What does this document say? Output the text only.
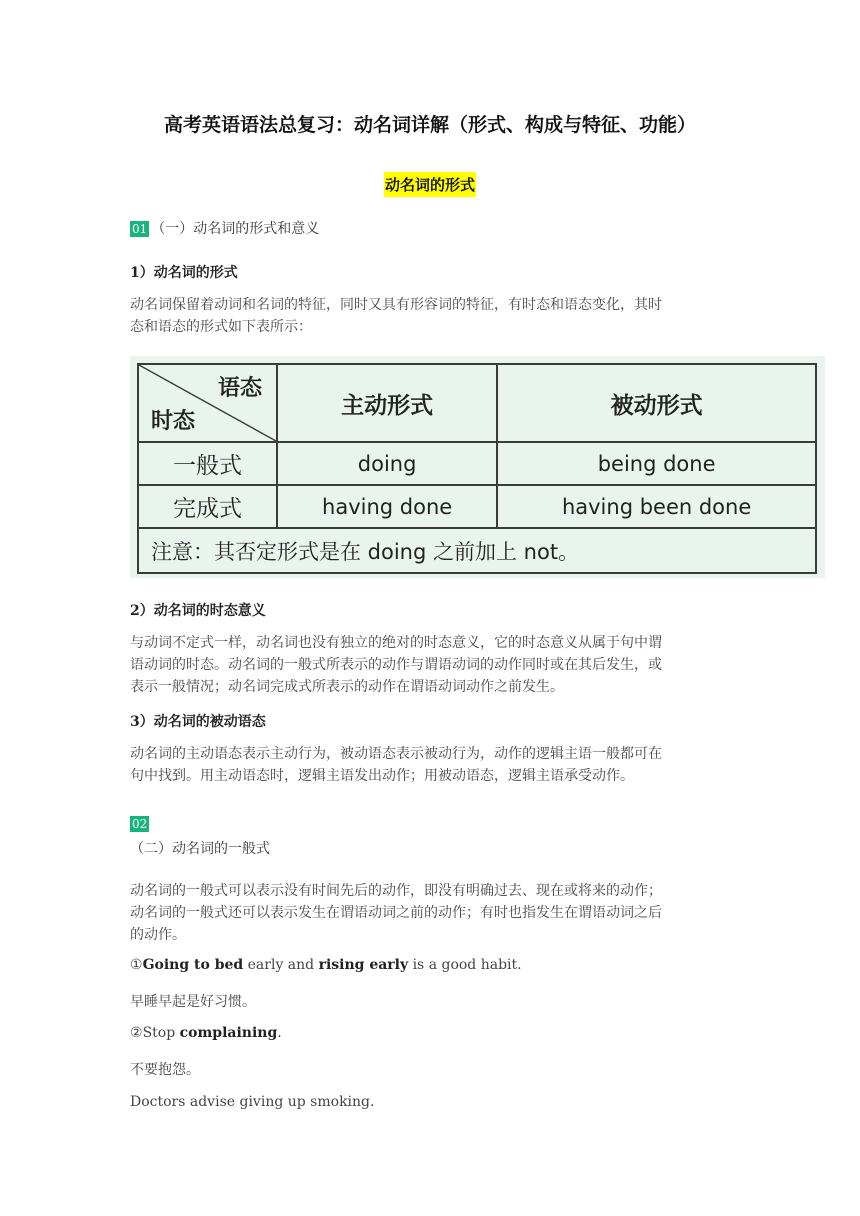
高考英语语法总复习：动名词详解（形式、构成与特征、功能）
动名词的形式
01 （一）动名词的形式和意义
1）动名词的形式
动名词保留着动词和名词的特征，同时又具有形容词的特征，有时态和语态变化，其时
态和语态的形式如下表所示：
语态
时态	主动形式	被动形式
一般式	doing	being done
完成式	having done	having been done
注意：其否定形式是在 doing 之前加上 not。		
2）动名词的时态意义
与动词不定式一样，动名词也没有独立的绝对的时态意义，它的时态意义从属于句中谓
语动词的时态。动名词的一般式所表示的动作与谓语动词的动作同时或在其后发生，或
表示一般情况；动名词完成式所表示的动作在谓语动词动作之前发生。
3）动名词的被动语态
动名词的主动语态表示主动行为，被动语态表示被动行为，动作的逻辑主语一般都可在
句中找到。用主动语态时，逻辑主语发出动作；用被动语态，逻辑主语承受动作。
02
（二）动名词的一般式
动名词的一般式可以表示没有时间先后的动作，即没有明确过去、现在或将来的动作；
动名词的一般式还可以表示发生在谓语动词之前的动作；有时也指发生在谓语动词之后
的动作。
①Going to bed early and rising early is a good habit.
早睡早起是好习惯。
②Stop complaining.
不要抱怨。
Doctors advise giving up smoking.
